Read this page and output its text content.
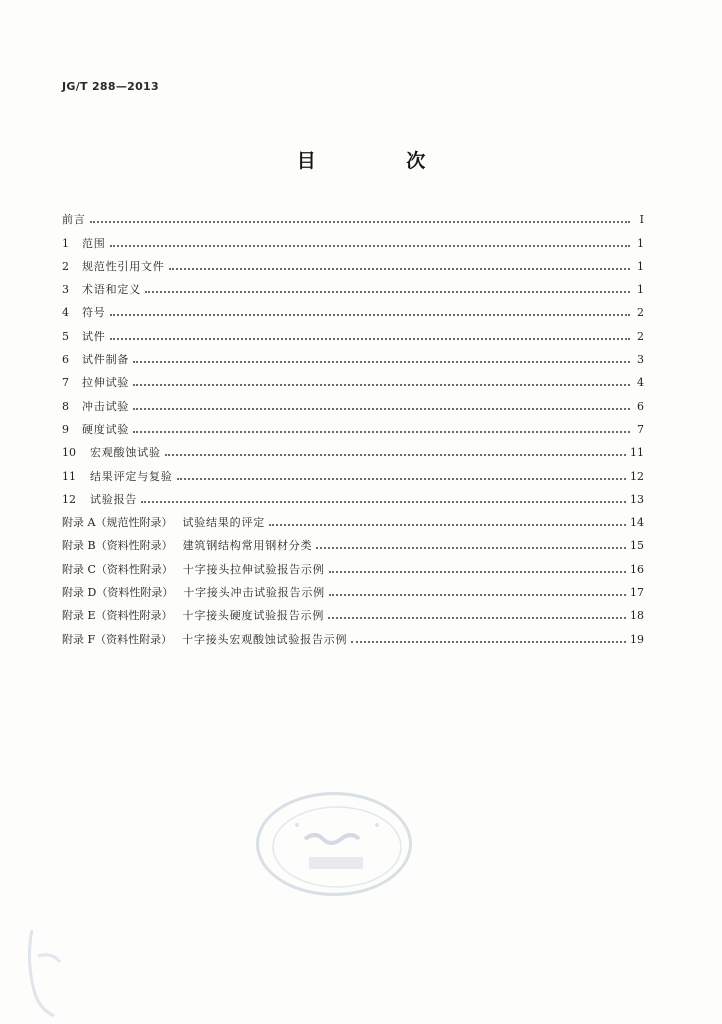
JG/T 288—2013
目 次
前言	Ⅰ
1	范围	1
2	规范性引用文件	1
3	术语和定义	1
4	符号	2
5	试件	2
6	试件制备	3
7	拉伸试验	4
8	冲击试验	6
9	硬度试验	7
10	宏观酸蚀试验	11
11	结果评定与复验	12
12	试验报告	13
附录 A（规范性附录） 试验结果的评定	14
附录 B（资料性附录） 建筑钢结构常用钢材分类	15
附录 C（资料性附录） 十字接头拉伸试验报告示例	16
附录 D（资料性附录） 十字接头冲击试验报告示例	17
附录 E（资料性附录） 十字接头硬度试验报告示例	18
附录 F（资料性附录） 十字接头宏观酸蚀试验报告示例	19
